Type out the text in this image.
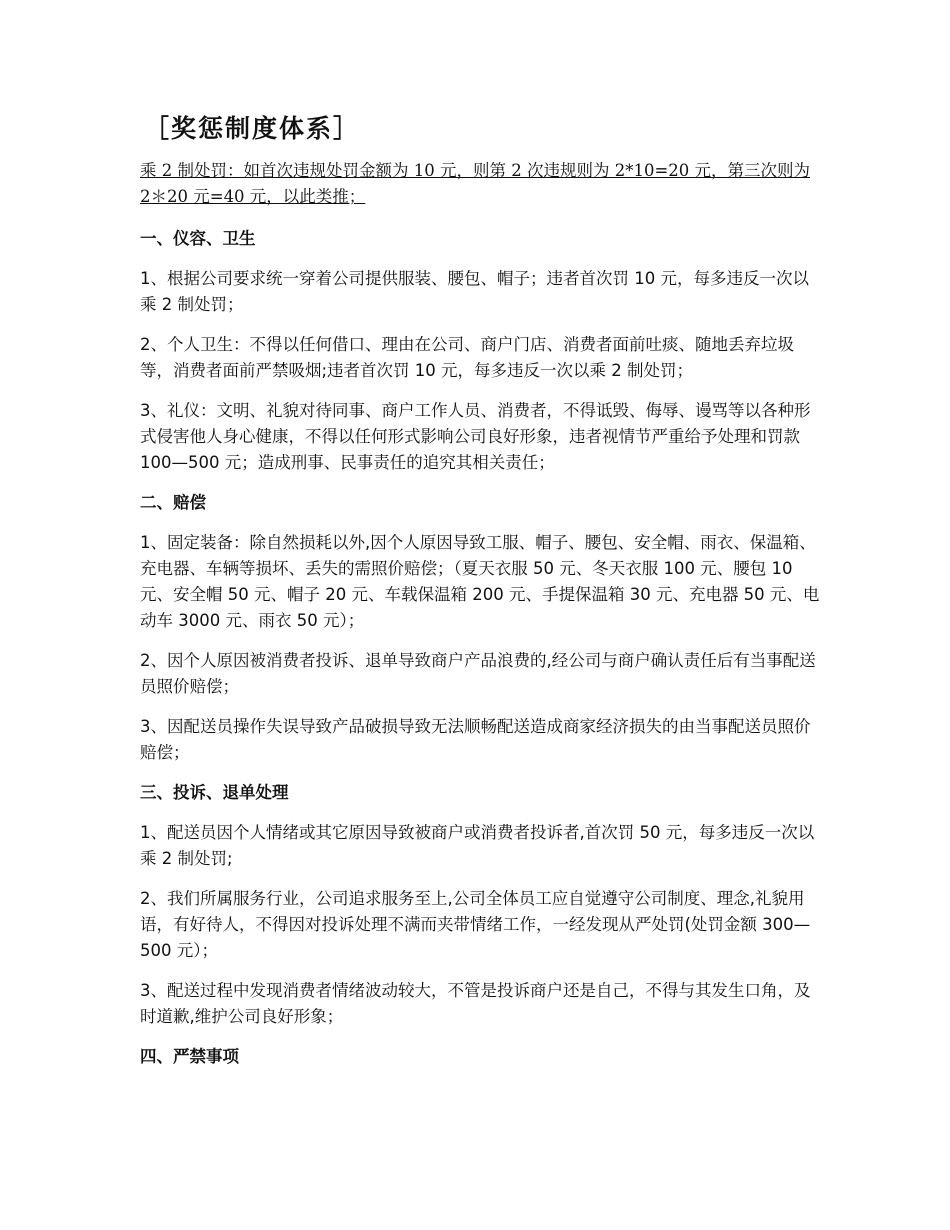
［奖惩制度体系］
乘 2 制处罚：如首次违规处罚金额为 10 元，则第 2 次违规则为 2*10=20 元，第三次则为 2＊20 元=40 元，以此类推；
一、仪容、卫生
1、根据公司要求统一穿着公司提供服装、腰包、帽子；违者首次罚 10 元，每多违反一次以乘 2 制处罚；
2、个人卫生：不得以任何借口、理由在公司、商户门店、消费者面前吐痰、随地丢弃垃圾等，消费者面前严禁吸烟;违者首次罚 10 元，每多违反一次以乘 2 制处罚；
3、礼仪：文明、礼貌对待同事、商户工作人员、消费者，不得诋毁、侮辱、谩骂等以各种形式侵害他人身心健康，不得以任何形式影响公司良好形象，违者视情节严重给予处理和罚款 100—500 元；造成刑事、民事责任的追究其相关责任；
二、赔偿
1、固定装备：除自然损耗以外,因个人原因导致工服、帽子、腰包、安全帽、雨衣、保温箱、充电器、车辆等损坏、丢失的需照价赔偿；（夏天衣服 50 元、冬天衣服 100 元、腰包 10 元、安全帽 50 元、帽子 20 元、车载保温箱 200 元、手提保温箱 30 元、充电器 50 元、电动车 3000 元、雨衣 50 元）；
2、因个人原因被消费者投诉、退单导致商户产品浪费的,经公司与商户确认责任后有当事配送员照价赔偿；
3、因配送员操作失误导致产品破损导致无法顺畅配送造成商家经济损失的由当事配送员照价赔偿；
三、投诉、退单处理
1、配送员因个人情绪或其它原因导致被商户或消费者投诉者,首次罚 50 元，每多违反一次以乘 2 制处罚;
2、我们所属服务行业，公司追求服务至上,公司全体员工应自觉遵守公司制度、理念,礼貌用语，有好待人，不得因对投诉处理不满而夹带情绪工作，一经发现从严处罚(处罚金额 300—500 元）；
3、配送过程中发现消费者情绪波动较大，不管是投诉商户还是自己，不得与其发生口角，及时道歉,维护公司良好形象；
四、严禁事项
